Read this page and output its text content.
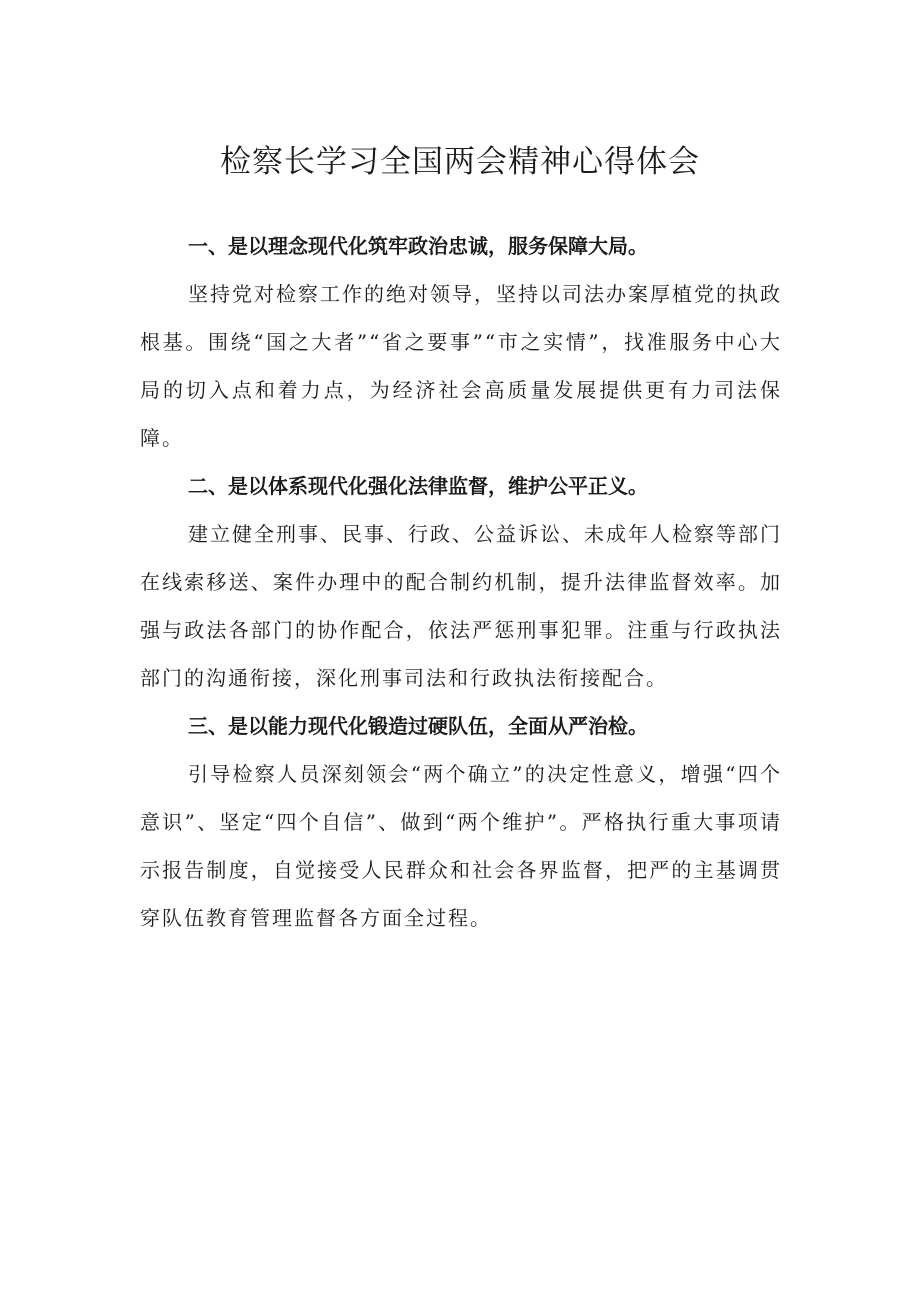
检察长学习全国两会精神心得体会

一、是以理念现代化筑牢政治忠诚，服务保障大局。

坚持党对检察工作的绝对领导，坚持以司法办案厚植党的执政根基。围绕“国之大者”“省之要事”“市之实情”，找准服务中心大局的切入点和着力点，为经济社会高质量发展提供更有力司法保障。

二、是以体系现代化强化法律监督，维护公平正义。

建立健全刑事、民事、行政、公益诉讼、未成年人检察等部门在线索移送、案件办理中的配合制约机制，提升法律监督效率。加强与政法各部门的协作配合，依法严惩刑事犯罪。注重与行政执法部门的沟通衔接，深化刑事司法和行政执法衔接配合。

三、是以能力现代化锻造过硬队伍，全面从严治检。

引导检察人员深刻领会“两个确立”的决定性意义，增强“四个意识”、坚定“四个自信”、做到“两个维护”。严格执行重大事项请示报告制度，自觉接受人民群众和社会各界监督，把严的主基调贯穿队伍教育管理监督各方面全过程。
